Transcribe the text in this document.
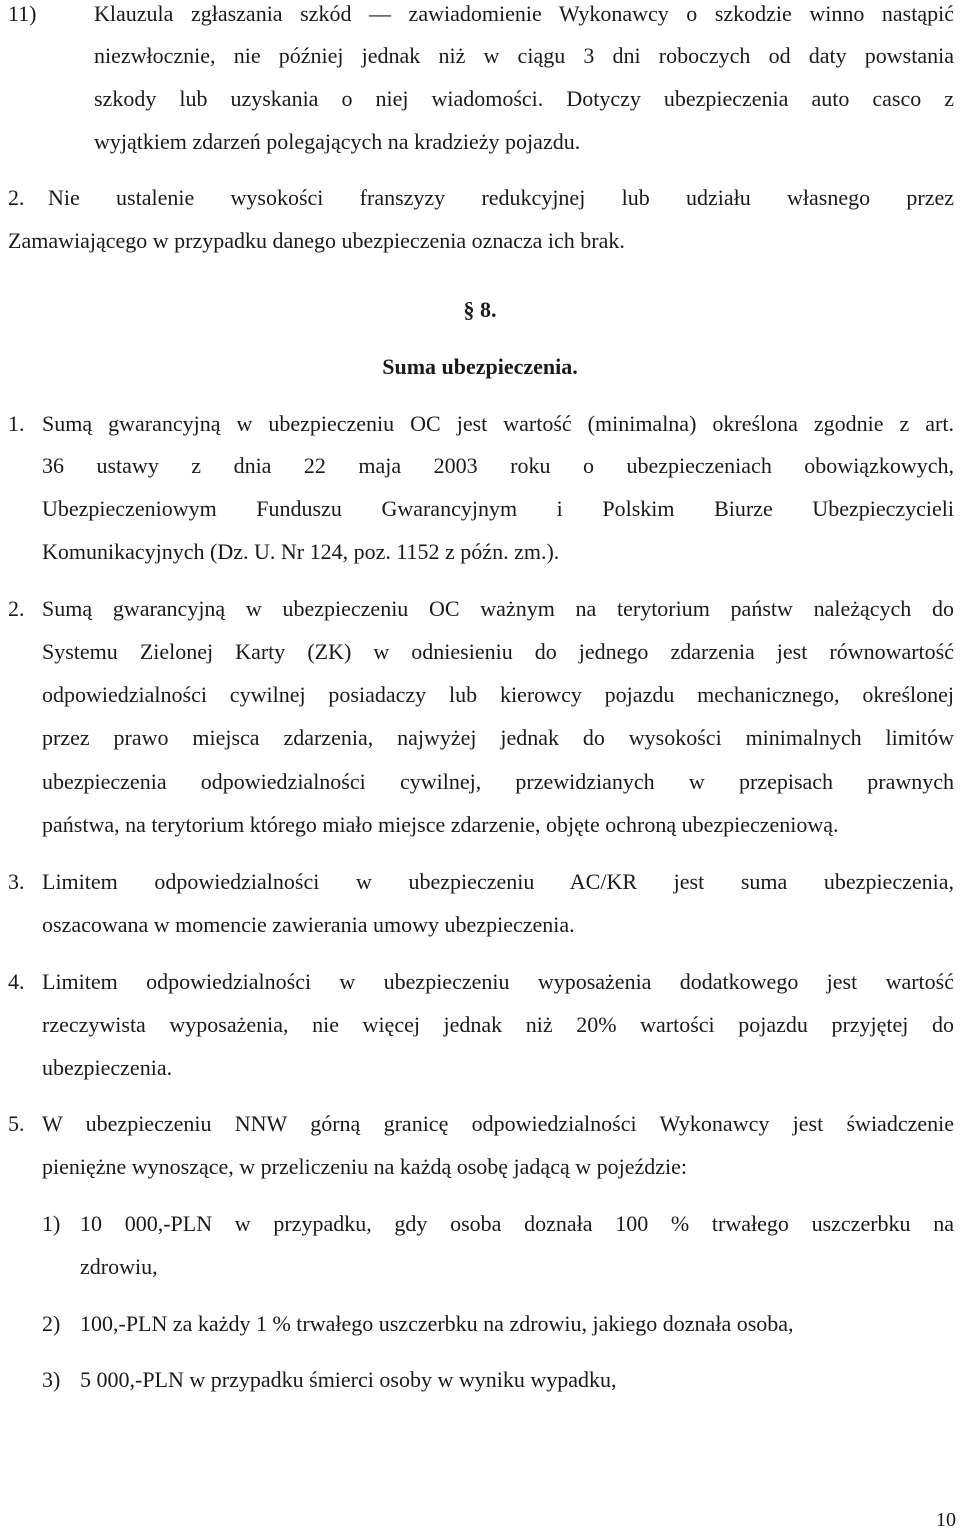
11)	Klauzula zgłaszania szkód — zawiadomienie Wykonawcy o szkodzie winno nastąpić
niezwłocznie, nie później jednak niż w ciągu 3 dni roboczych od daty powstania
szkody lub uzyskania o niej wiadomości. Dotyczy ubezpieczenia auto casco z
wyjątkiem zdarzeń polegających na kradzieży pojazdu.
2. Nie ustalenie wysokości franszyzy redukcyjnej lub udziału własnego przez
Zamawiającego w przypadku danego ubezpieczenia oznacza ich brak.
§ 8.
Suma ubezpieczenia.
1. Sumą gwarancyjną w ubezpieczeniu OC jest wartość (minimalna) określona zgodnie z art.
36 ustawy z dnia 22 maja 2003 roku o ubezpieczeniach obowiązkowych,
Ubezpieczeniowym Funduszu Gwarancyjnym i Polskim Biurze Ubezpieczycieli
Komunikacyjnych (Dz. U. Nr 124, poz. 1152 z późn. zm.).
2. Sumą gwarancyjną w ubezpieczeniu OC ważnym na terytorium państw należących do
Systemu Zielonej Karty (ZK) w odniesieniu do jednego zdarzenia jest równowartość
odpowiedzialności cywilnej posiadaczy lub kierowcy pojazdu mechanicznego, określonej
przez prawo miejsca zdarzenia, najwyżej jednak do wysokości minimalnych limitów
ubezpieczenia odpowiedzialności cywilnej, przewidzianych w przepisach prawnych
państwa, na terytorium którego miało miejsce zdarzenie, objęte ochroną ubezpieczeniową.
3. Limitem odpowiedzialności w ubezpieczeniu AC/KR jest suma ubezpieczenia,
oszacowana w momencie zawierania umowy ubezpieczenia.
4. Limitem odpowiedzialności w ubezpieczeniu wyposażenia dodatkowego jest wartość
rzeczywista wyposażenia, nie więcej jednak niż 20% wartości pojazdu przyjętej do
ubezpieczenia.
5. W ubezpieczeniu NNW górną granicę odpowiedzialności Wykonawcy jest świadczenie
pieniężne wynoszące, w przeliczeniu na każdą osobę jadącą w pojeździe:
1) 10 000,-PLN w przypadku, gdy osoba doznała 100 % trwałego uszczerbku na
zdrowiu,
2) 100,-PLN za każdy 1 % trwałego uszczerbku na zdrowiu, jakiego doznała osoba,
3) 5 000,-PLN w przypadku śmierci osoby w wyniku wypadku,
10
